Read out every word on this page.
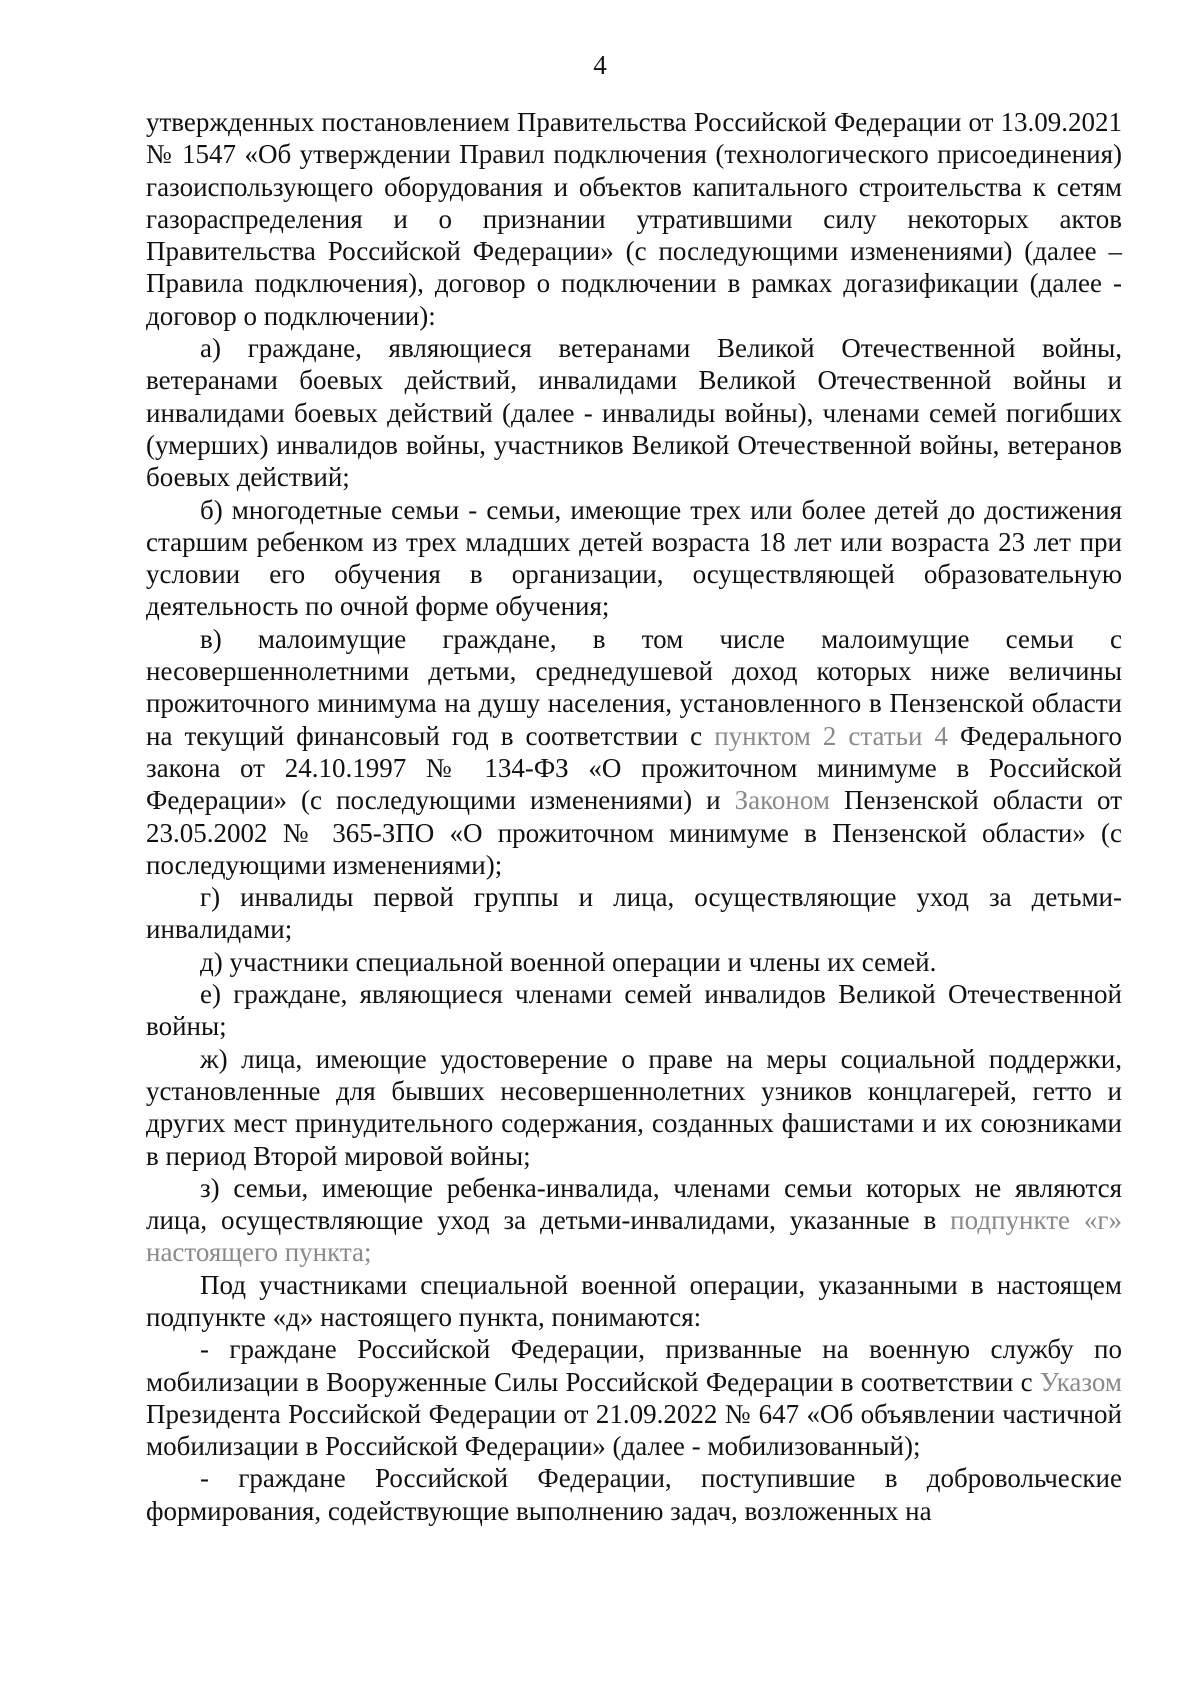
4

утвержденных постановлением Правительства Российской Федерации от 13.09.2021 № 1547 «Об утверждении Правил подключения (технологического присоединения) газоиспользующего оборудования и объектов капитального строительства к сетям газораспределения и о признании утратившими силу некоторых актов Правительства Российской Федерации» (с последующими изменениями) (далее – Правила подключения), договор о подключении в рамках догазификации (далее - договор о подключении):

а) граждане, являющиеся ветеранами Великой Отечественной войны, ветеранами боевых действий, инвалидами Великой Отечественной войны и инвалидами боевых действий (далее - инвалиды войны), членами семей погибших (умерших) инвалидов войны, участников Великой Отечественной войны, ветеранов боевых действий;

б) многодетные семьи - семьи, имеющие трех или более детей до достижения старшим ребенком из трех младших детей возраста 18 лет или возраста 23 лет при условии его обучения в организации, осуществляющей образовательную деятельность по очной форме обучения;

в) малоимущие граждане, в том числе малоимущие семьи с несовершеннолетними детьми, среднедушевой доход которых ниже величины прожиточного минимума на душу населения, установленного в Пензенской области на текущий финансовый год в соответствии с пунктом 2 статьи 4 Федерального закона от 24.10.1997 № 134-ФЗ «О прожиточном минимуме в Российской Федерации» (с последующими изменениями) и Законом Пензенской области от 23.05.2002 № 365-ЗПО «О прожиточном минимуме в Пензенской области» (с последующими изменениями);

г) инвалиды первой группы и лица, осуществляющие уход за детьми-инвалидами;

д) участники специальной военной операции и члены их семей.

е) граждане, являющиеся членами семей инвалидов Великой Отечественной войны;

ж) лица, имеющие удостоверение о праве на меры социальной поддержки, установленные для бывших несовершеннолетних узников концлагерей, гетто и других мест принудительного содержания, созданных фашистами и их союзниками в период Второй мировой войны;

з) семьи, имеющие ребенка-инвалида, членами семьи которых не являются лица, осуществляющие уход за детьми-инвалидами, указанные в подпункте «г» настоящего пункта;

Под участниками специальной военной операции, указанными в настоящем подпункте «д» настоящего пункта, понимаются:

- граждане Российской Федерации, призванные на военную службу по мобилизации в Вооруженные Силы Российской Федерации в соответствии с Указом Президента Российской Федерации от 21.09.2022 № 647 «Об объявлении частичной мобилизации в Российской Федерации» (далее - мобилизованный);

- граждане Российской Федерации, поступившие в добровольческие формирования, содействующие выполнению задач, возложенных на
